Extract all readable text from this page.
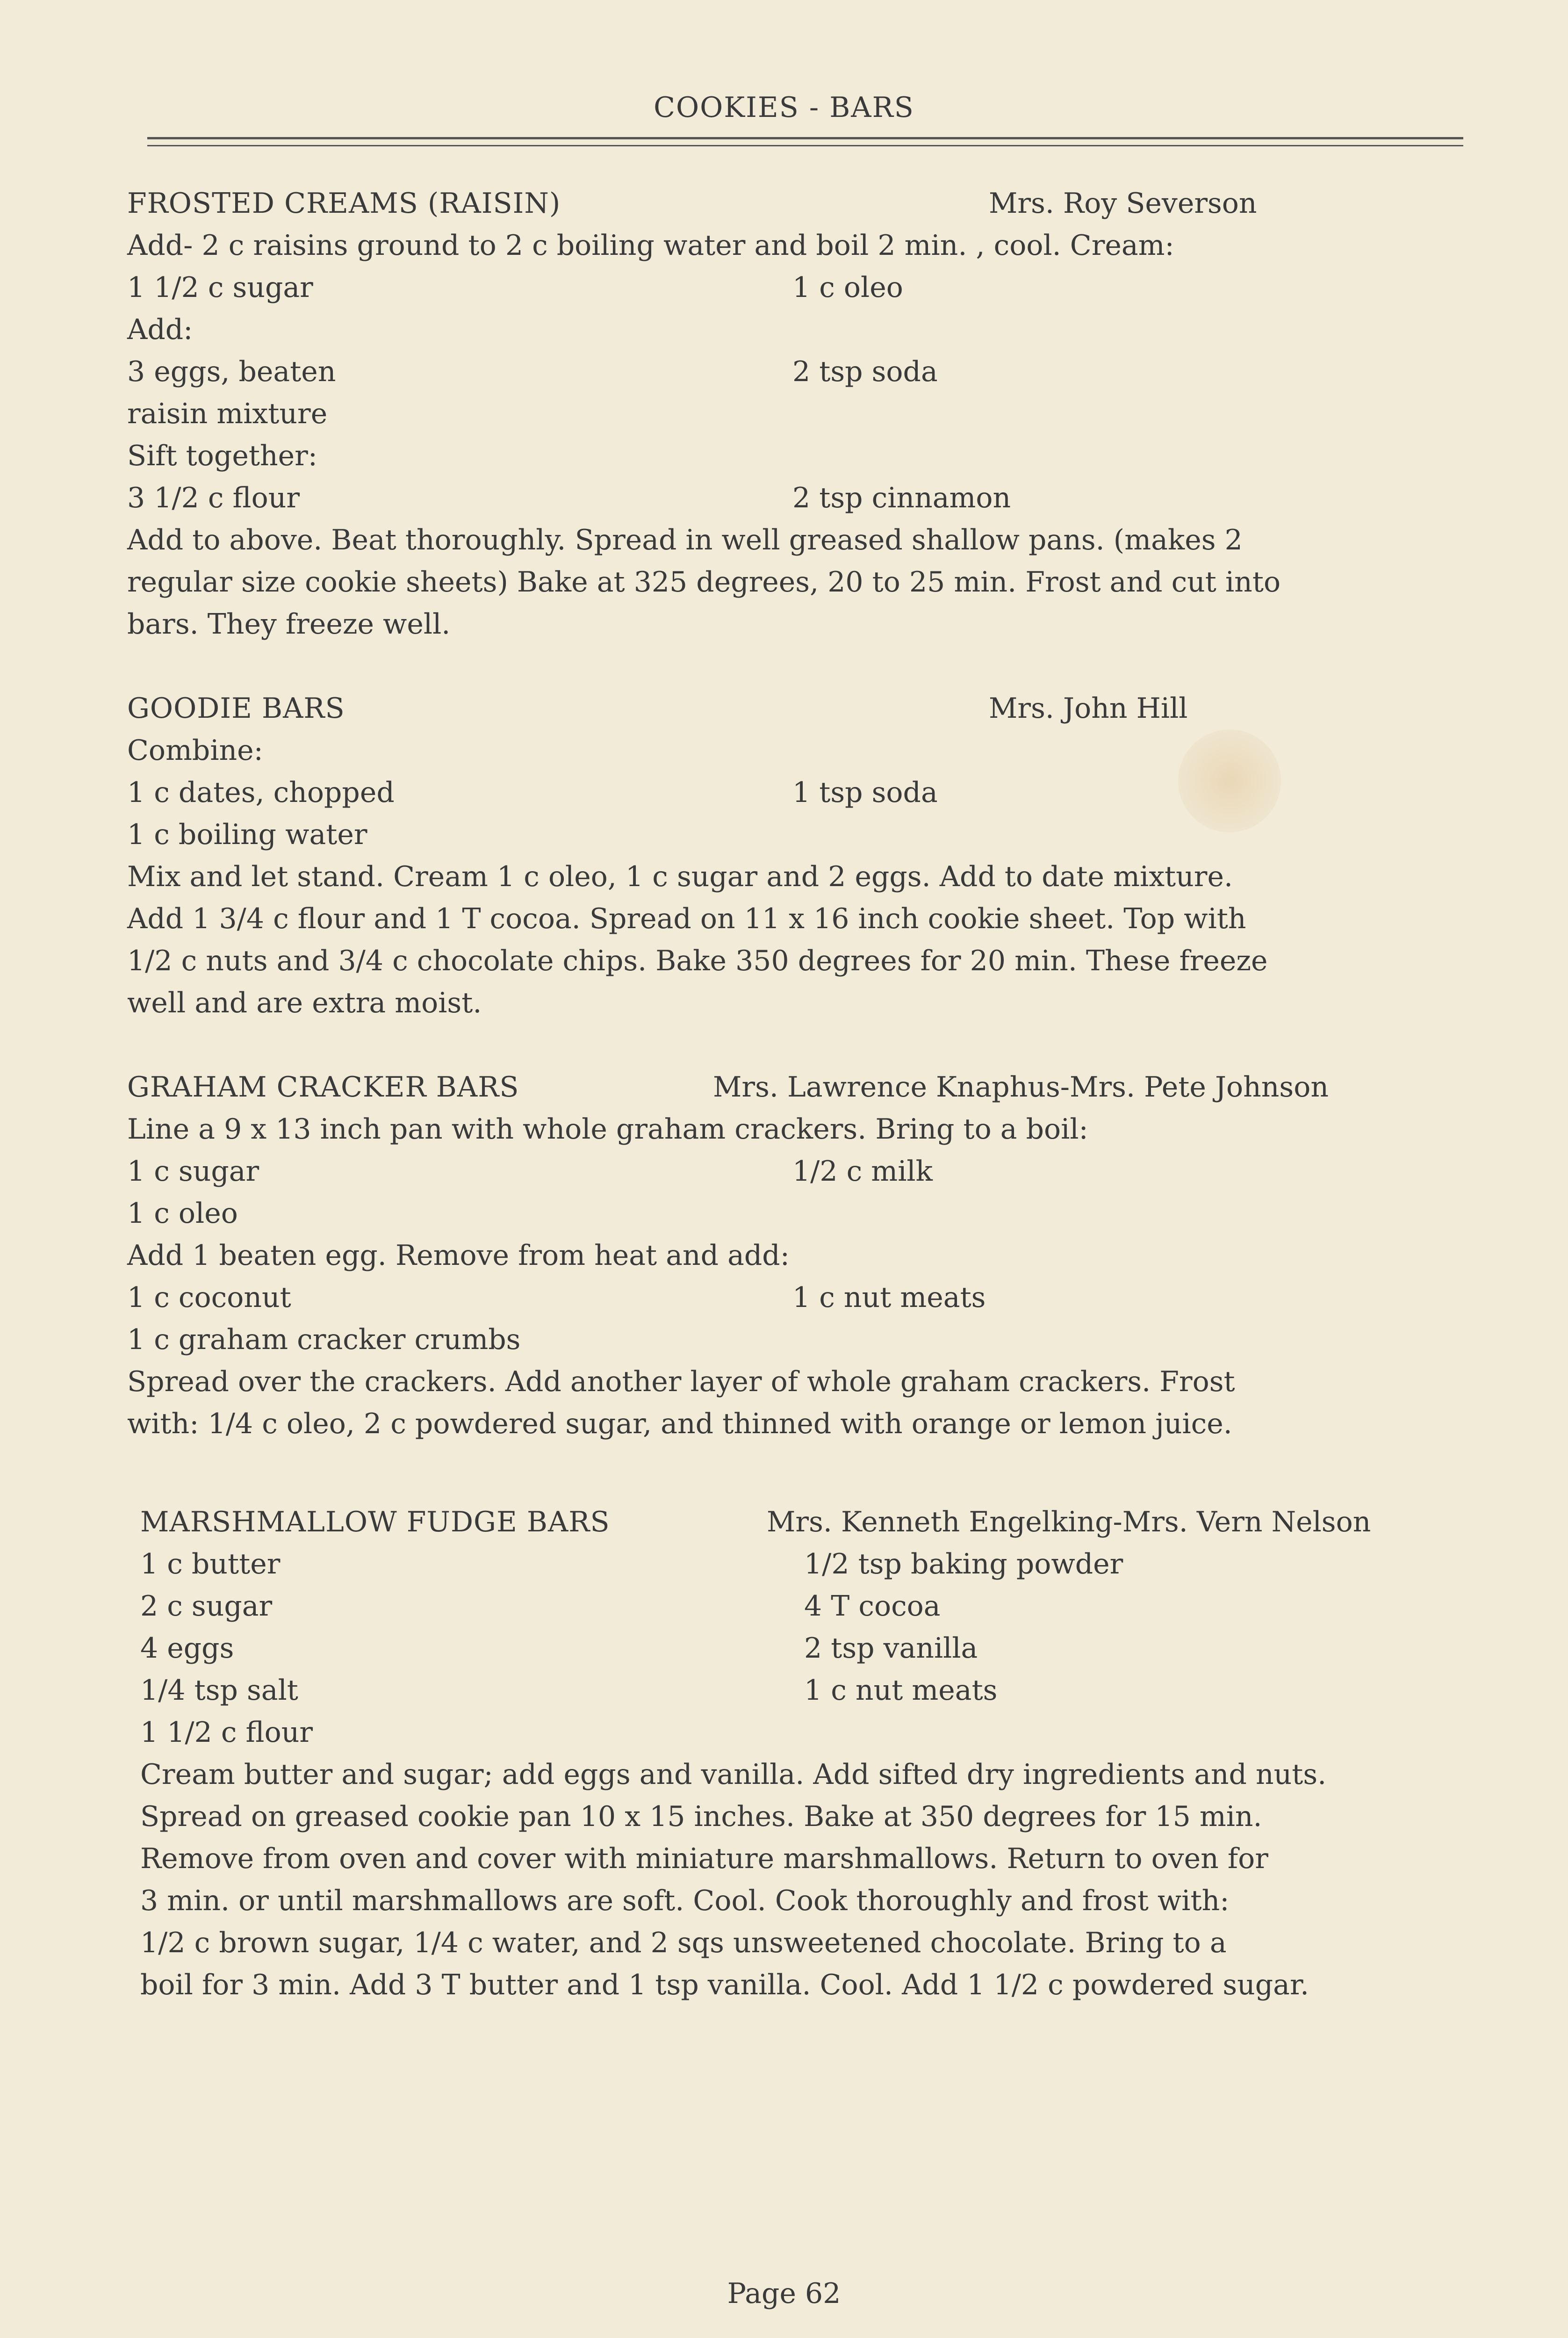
COOKIES - BARS
FROSTED CREAMS (RAISIN)	Mrs. Roy Severson
Add- 2 c raisins ground to 2 c boiling water and boil 2 min. , cool. Cream:
1 1/2 c sugar	1 c oleo
Add:
3 eggs, beaten	2 tsp soda
raisin mixture
Sift together:
3 1/2 c flour	2 tsp cinnamon
Add to above. Beat thoroughly. Spread in well greased shallow pans. (makes 2
regular size cookie sheets) Bake at 325 degrees, 20 to 25 min. Frost and cut into
bars. They freeze well.
GOODIE BARS	Mrs. John Hill
Combine:
1 c dates, chopped	1 tsp soda
1 c boiling water
Mix and let stand. Cream 1 c oleo, 1 c sugar and 2 eggs. Add to date mixture.
Add 1 3/4 c flour and 1 T cocoa. Spread on 11 x 16 inch cookie sheet. Top with
1/2 c nuts and 3/4 c chocolate chips. Bake 350 degrees for 20 min. These freeze
well and are extra moist.
GRAHAM CRACKER BARS	Mrs. Lawrence Knaphus-Mrs. Pete Johnson
Line a 9 x 13 inch pan with whole graham crackers. Bring to a boil:
1 c sugar	1/2 c milk
1 c oleo
Add 1 beaten egg. Remove from heat and add:
1 c coconut	1 c nut meats
1 c graham cracker crumbs
Spread over the crackers. Add another layer of whole graham crackers. Frost
with: 1/4 c oleo, 2 c powdered sugar, and thinned with orange or lemon juice.
MARSHMALLOW FUDGE BARS	Mrs. Kenneth Engelking-Mrs. Vern Nelson
1 c butter	1/2 tsp baking powder
2 c sugar	4 T cocoa
4 eggs	2 tsp vanilla
1/4 tsp salt	1 c nut meats
1 1/2 c flour
Cream butter and sugar; add eggs and vanilla. Add sifted dry ingredients and nuts.
Spread on greased cookie pan 10 x 15 inches. Bake at 350 degrees for 15 min.
Remove from oven and cover with miniature marshmallows. Return to oven for
3 min. or until marshmallows are soft. Cool. Cook thoroughly and frost with:
1/2 c brown sugar, 1/4 c water, and 2 sqs unsweetened chocolate. Bring to a
boil for 3 min. Add 3 T butter and 1 tsp vanilla. Cool. Add 1 1/2 c powdered sugar.
Page 62
